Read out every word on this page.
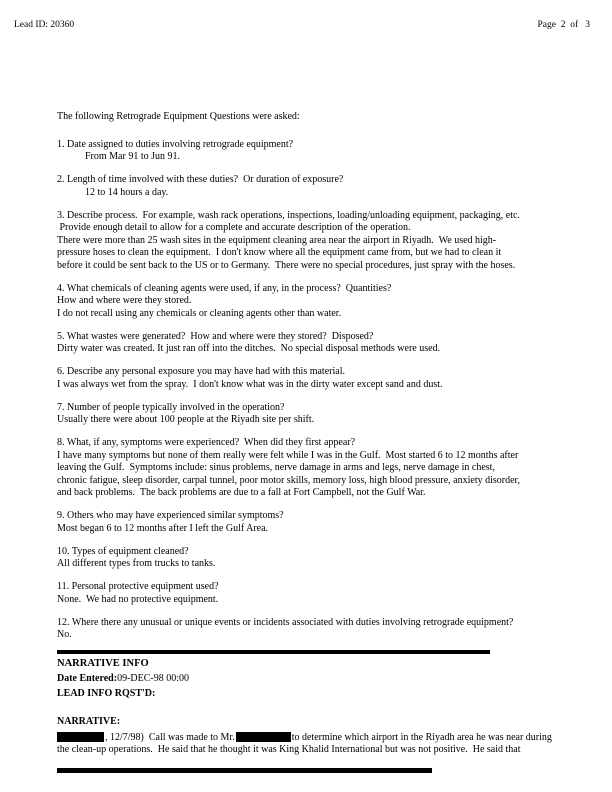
Lead ID: 20360	Page  2  of   3
The following Retrograde Equipment Questions were asked:
1. Date assigned to duties involving retrograde equipment?
From Mar 91 to Jun 91.
2. Length of time involved with these duties?  Or duration of exposure?
12 to 14 hours a day.
3. Describe process.  For example, wash rack operations, inspections, loading/unloading equipment, packaging, etc.
Provide enough detail to allow for a complete and accurate description of the operation.
There were more than 25 wash sites in the equipment cleaning area near the airport in Riyadh.  We used high-
pressure hoses to clean the equipment.  I don't know where all the equipment came from, but we had to clean it
before it could be sent back to the US or to Germany.  There were no special procedures, just spray with the hoses.
4. What chemicals of cleaning agents were used, if any, in the process?  Quantities?
How and where were they stored.
I do not recall using any chemicals or cleaning agents other than water.
5. What wastes were generated?  How and where were they stored?  Disposed?
Dirty water was created. It just ran off into the ditches.  No special disposal methods were used.
6. Describe any personal exposure you may have had with this material.
I was always wet from the spray.  I don't know what was in the dirty water except sand and dust.
7. Number of people typically involved in the operation?
Usually there were about 100 people at the Riyadh site per shift.
8. What, if any, symptoms were experienced?  When did they first appear?
I have many symptoms but none of them really were felt while I was in the Gulf.  Most started 6 to 12 months after
leaving the Gulf.  Symptoms include: sinus problems, nerve damage in arms and legs, nerve damage in chest,
chronic fatigue, sleep disorder, carpal tunnel, poor motor skills, memory loss, high blood pressure, anxiety disorder,
and back problems.  The back problems are due to a fall at Fort Campbell, not the Gulf War.
9. Others who may have experienced similar symptoms?
Most began 6 to 12 months after I left the Gulf Area.
10. Types of equipment cleaned?
All different types from trucks to tanks.
11. Personal protective equipment used?
None.  We had no protective equipment.
12. Where there any unusual or unique events or incidents associated with duties involving retrograde equipment?
No.
NARRATIVE INFO
Date Entered:09-DEC-98 00:00
LEAD INFO RQST'D:
NARRATIVE:
, 12/7/98)  Call was made to Mr.	to determine which airport in the Riyadh area he was near during
the clean-up operations.  He said that he thought it was King Khalid International but was not positive.  He said that
